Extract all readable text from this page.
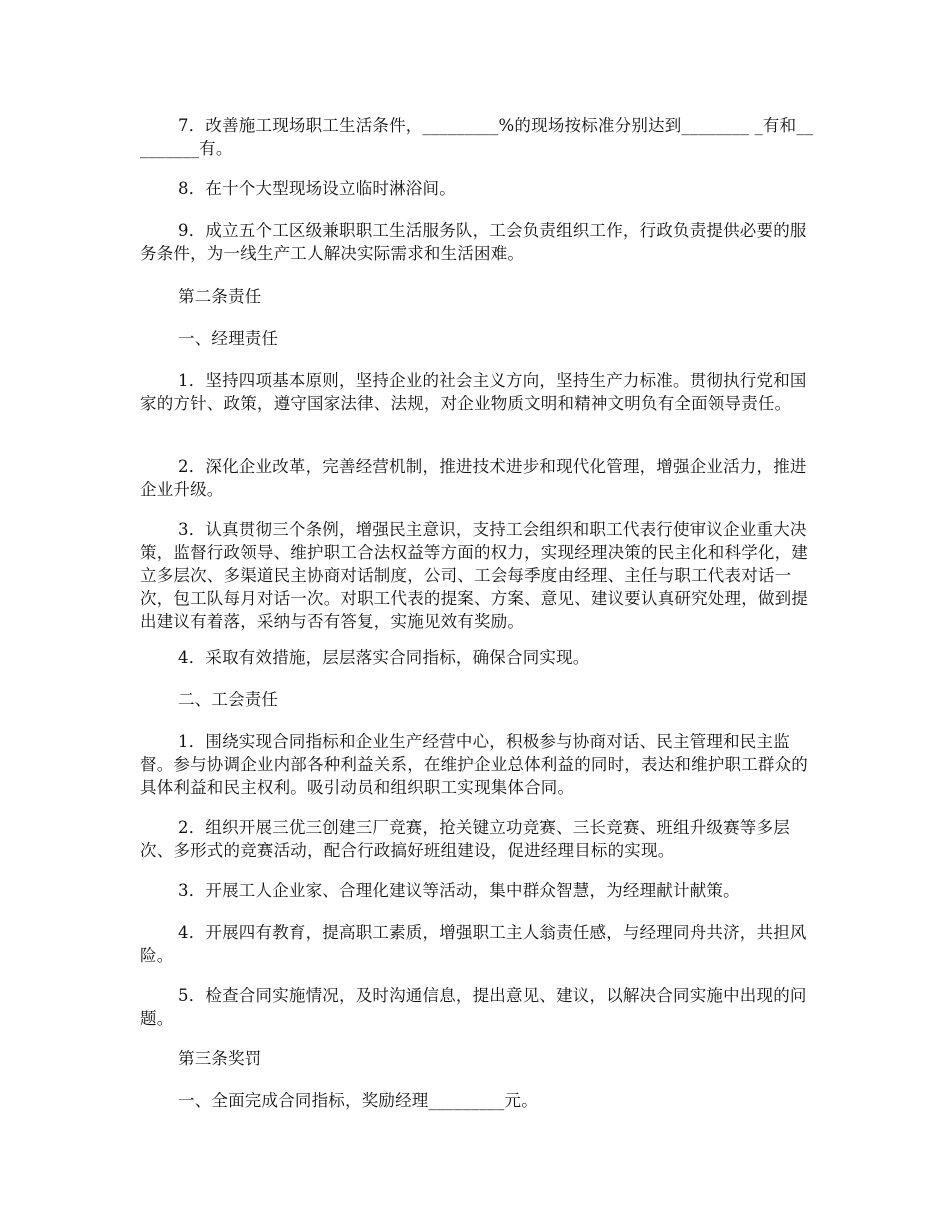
7．改善施工现场职工生活条件，_________%的现场按标准分别达到________ _有和_________有。

8．在十个大型现场设立临时淋浴间。

9．成立五个工区级兼职职工生活服务队，工会负责组织工作，行政负责提供必要的服务条件，为一线生产工人解决实际需求和生活困难。

第二条责任

一、经理责任

1．坚持四项基本原则，坚持企业的社会主义方向，坚持生产力标准。贯彻执行党和国家的方针、政策，遵守国家法律、法规，对企业物质文明和精神文明负有全面领导责任。

2．深化企业改革，完善经营机制，推进技术进步和现代化管理，增强企业活力，推进企业升级。

3．认真贯彻三个条例，增强民主意识，支持工会组织和职工代表行使审议企业重大决策，监督行政领导、维护职工合法权益等方面的权力，实现经理决策的民主化和科学化，建立多层次、多渠道民主协商对话制度，公司、工会每季度由经理、主任与职工代表对话一次，包工队每月对话一次。对职工代表的提案、方案、意见、建议要认真研究处理，做到提出建议有着落，采纳与否有答复，实施见效有奖励。

4．采取有效措施，层层落实合同指标，确保合同实现。

二、工会责任

1．围绕实现合同指标和企业生产经营中心，积极参与协商对话、民主管理和民主监督。参与协调企业内部各种利益关系，在维护企业总体利益的同时，表达和维护职工群众的具体利益和民主权利。吸引动员和组织职工实现集体合同。

2．组织开展三优三创建三厂竞赛，抢关键立功竞赛、三长竞赛、班组升级赛等多层次、多形式的竞赛活动，配合行政搞好班组建设，促进经理目标的实现。

3．开展工人企业家、合理化建议等活动，集中群众智慧，为经理献计献策。

4．开展四有教育，提高职工素质，增强职工主人翁责任感，与经理同舟共济，共担风险。

5．检查合同实施情况，及时沟通信息，提出意见、建议，以解决合同实施中出现的问题。

第三条奖罚

一、全面完成合同指标，奖励经理_________元。
